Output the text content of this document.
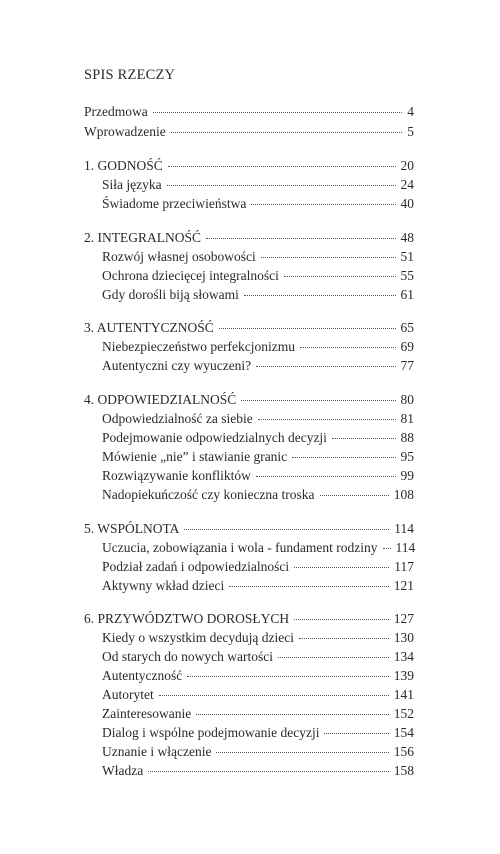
SPIS RZECZY
Przedmowa	4
Wprowadzenie	5
1. GODNOŚĆ	20
Siła języka	24
Świadome przeciwieństwa	40
2. INTEGRALNOŚĆ	48
Rozwój własnej osobowości	51
Ochrona dziecięcej integralności	55
Gdy dorośli biją słowami	61
3. AUTENTYCZNOŚĆ	65
Niebezpieczeństwo perfekcjonizmu	69
Autentyczni czy wyuczeni?	77
4. ODPOWIEDZIALNOŚĆ	80
Odpowiedzialność za siebie	81
Podejmowanie odpowiedzialnych decyzji	88
Mówienie „nie” i stawianie granic	95
Rozwiązywanie konfliktów	99
Nadopiekuńczość czy konieczna troska	108
5. WSPÓLNOTA	114
Uczucia, zobowiązania i wola - fundament rodziny 114
Podział zadań i odpowiedzialności	117
Aktywny wkład dzieci	121
6. PRZYWÓDZTWO DOROSŁYCH	127
Kiedy o wszystkim decydują dzieci	130
Od starych do nowych wartości	134
Autentyczność	139
Autorytet	141
Zainteresowanie	152
Dialog i wspólne podejmowanie decyzji	154
Uznanie i włączenie	156
Władza	158
